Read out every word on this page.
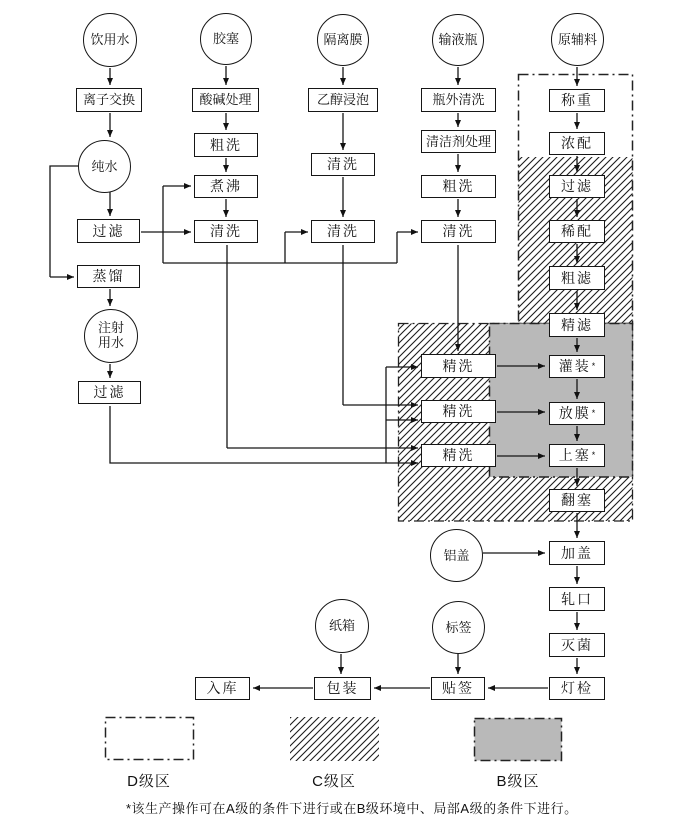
饮用水	胶塞	隔离膜	输液瓶	原辅料
纯水
注射
用水
铝盖
标签
纸箱
离子交换
过滤
蒸馏
过滤
酸碱处理
粗洗
煮沸
清洗
乙醇浸泡
清洗
清洗
瓶外清洗
清洁剂处理
粗洗
清洗
精洗
精洗
精洗
称重
浓配
过滤
稀配
粗滤
精滤
灌装 *
放膜 *
上塞 *
翻塞
加盖
轧口
灭菌
灯检
贴签
包装
入库
D级区	C级区	B级区
*该生产操作可在A级的条件下进行或在B级环境中、局部A级的条件下进行。
